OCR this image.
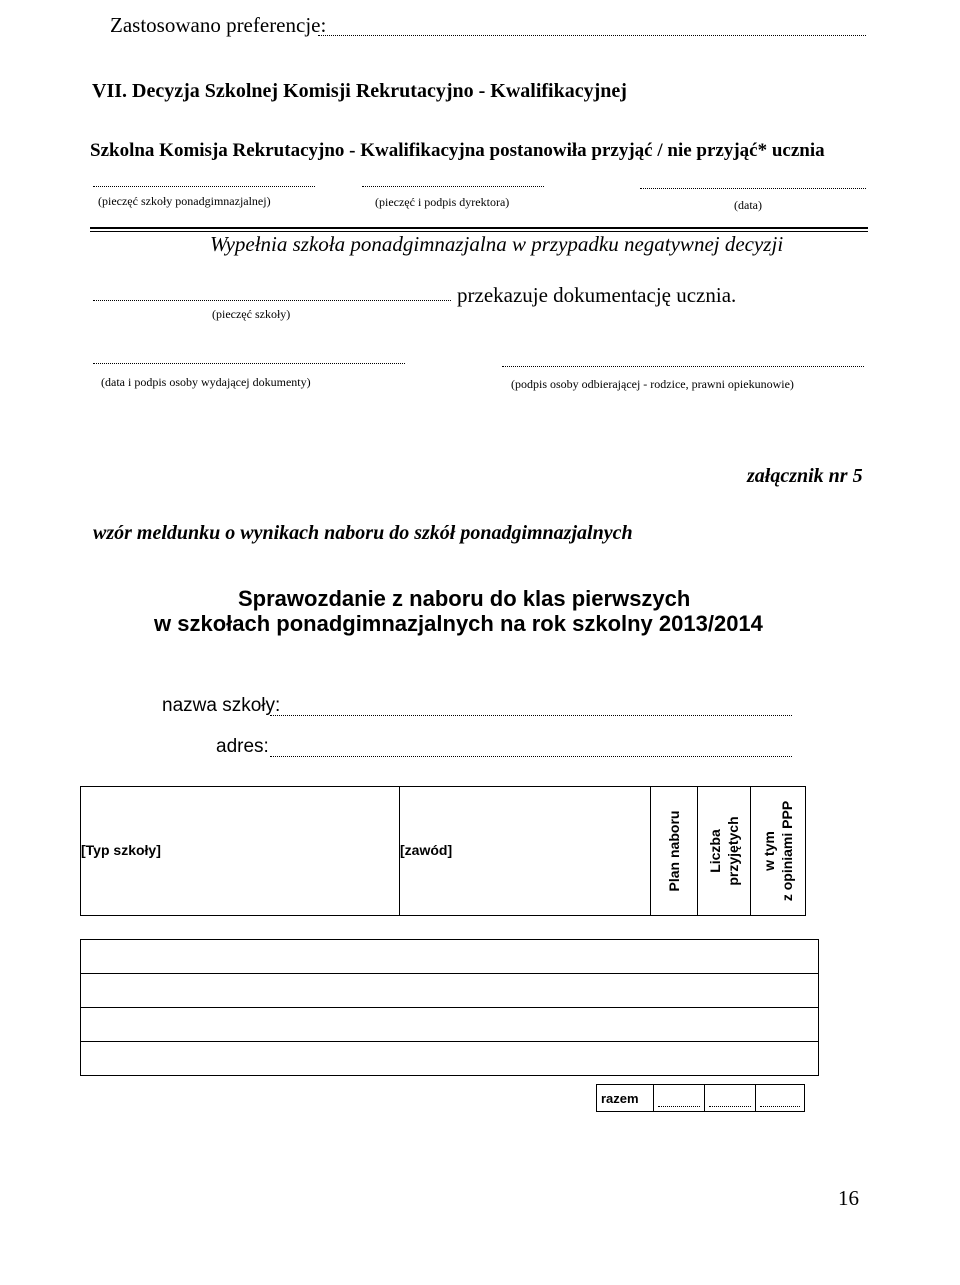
Zastosowano preferencje:
VII. Decyzja Szkolnej Komisji Rekrutacyjno - Kwalifikacyjnej
Szkolna Komisja Rekrutacyjno - Kwalifikacyjna postanowiła przyjąć / nie przyjąć* ucznia
(pieczęć szkoły ponadgimnazjalnej)	(pieczęć i podpis dyrektora)	(data)
Wypełnia szkoła ponadgimnazjalna w przypadku negatywnej decyzji
przekazuje dokumentację ucznia.
(pieczęć szkoły)
(data i podpis osoby wydającej dokumenty)	(podpis osoby odbierającej - rodzice, prawni opiekunowie)
załącznik nr 5
wzór meldunku o wynikach naboru do szkół ponadgimnazjalnych
Sprawozdanie z naboru do klas pierwszych
w szkołach ponadgimnazjalnych na rok szkolny 2013/2014
nazwa szkoły:
adres:
[Typ szkoły]	[zawód]	Plan naboru	Liczba przyjętych	w tym z opiniami PPP

razem	

16
